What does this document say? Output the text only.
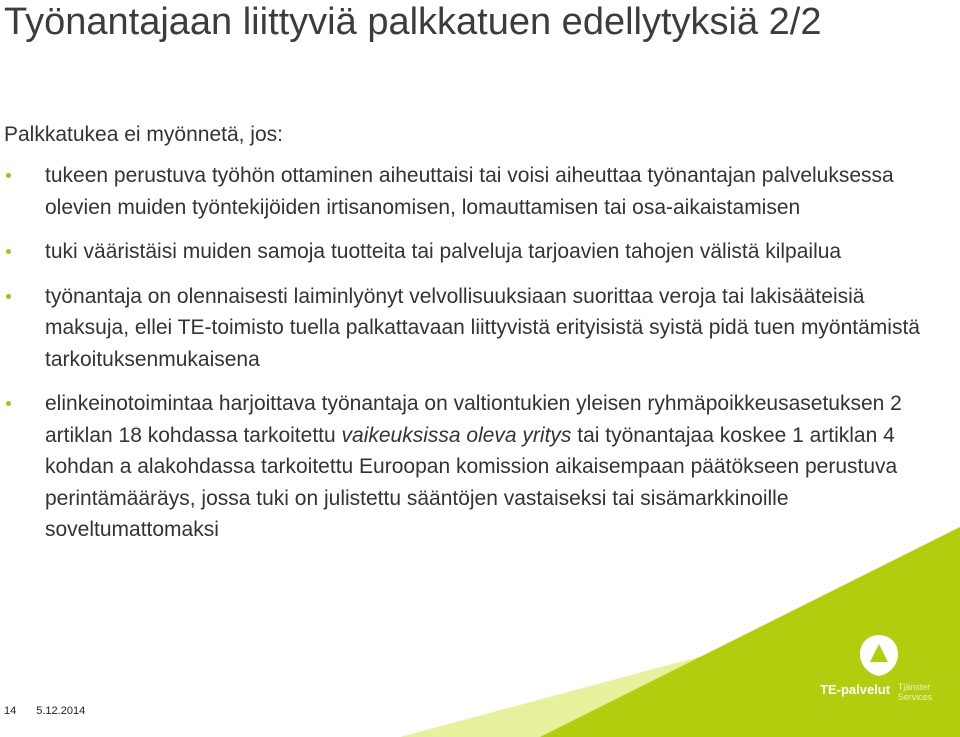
Työnantajaan liittyviä palkkatuen edellytyksiä 2/2
Palkkatukea ei myönnetä, jos:
tukeen perustuva työhön ottaminen aiheuttaisi tai voisi aiheuttaa työnantajan palveluksessa olevien muiden työntekijöiden irtisanomisen, lomauttamisen tai osa-aikaistamisen
tuki vääristäisi muiden samoja tuotteita tai palveluja tarjoavien tahojen välistä kilpailua
työnantaja on olennaisesti laiminlyönyt velvollisuuksiaan suorittaa veroja tai lakisääteisiä maksuja, ellei TE-toimisto tuella palkattavaan liittyvistä erityisistä syistä pidä tuen myöntämistä tarkoituksenmukaisena
elinkeinotoimintaa harjoittava työnantaja on valtiontukien yleisen ryhmäpoikkeusasetuksen 2 artiklan 18 kohdassa tarkoitettu vaikeuksissa oleva yritys tai työnantajaa koskee 1 artiklan 4 kohdan a alakohdassa tarkoitettu Euroopan komission aikaisempaan päätökseen perustuva perintämääräys, jossa tuki on julistettu sääntöjen vastaiseksi tai sisämarkkinoille soveltumattomaksi
TE-palvelut Tjänster
Services
14 5.12.2014
